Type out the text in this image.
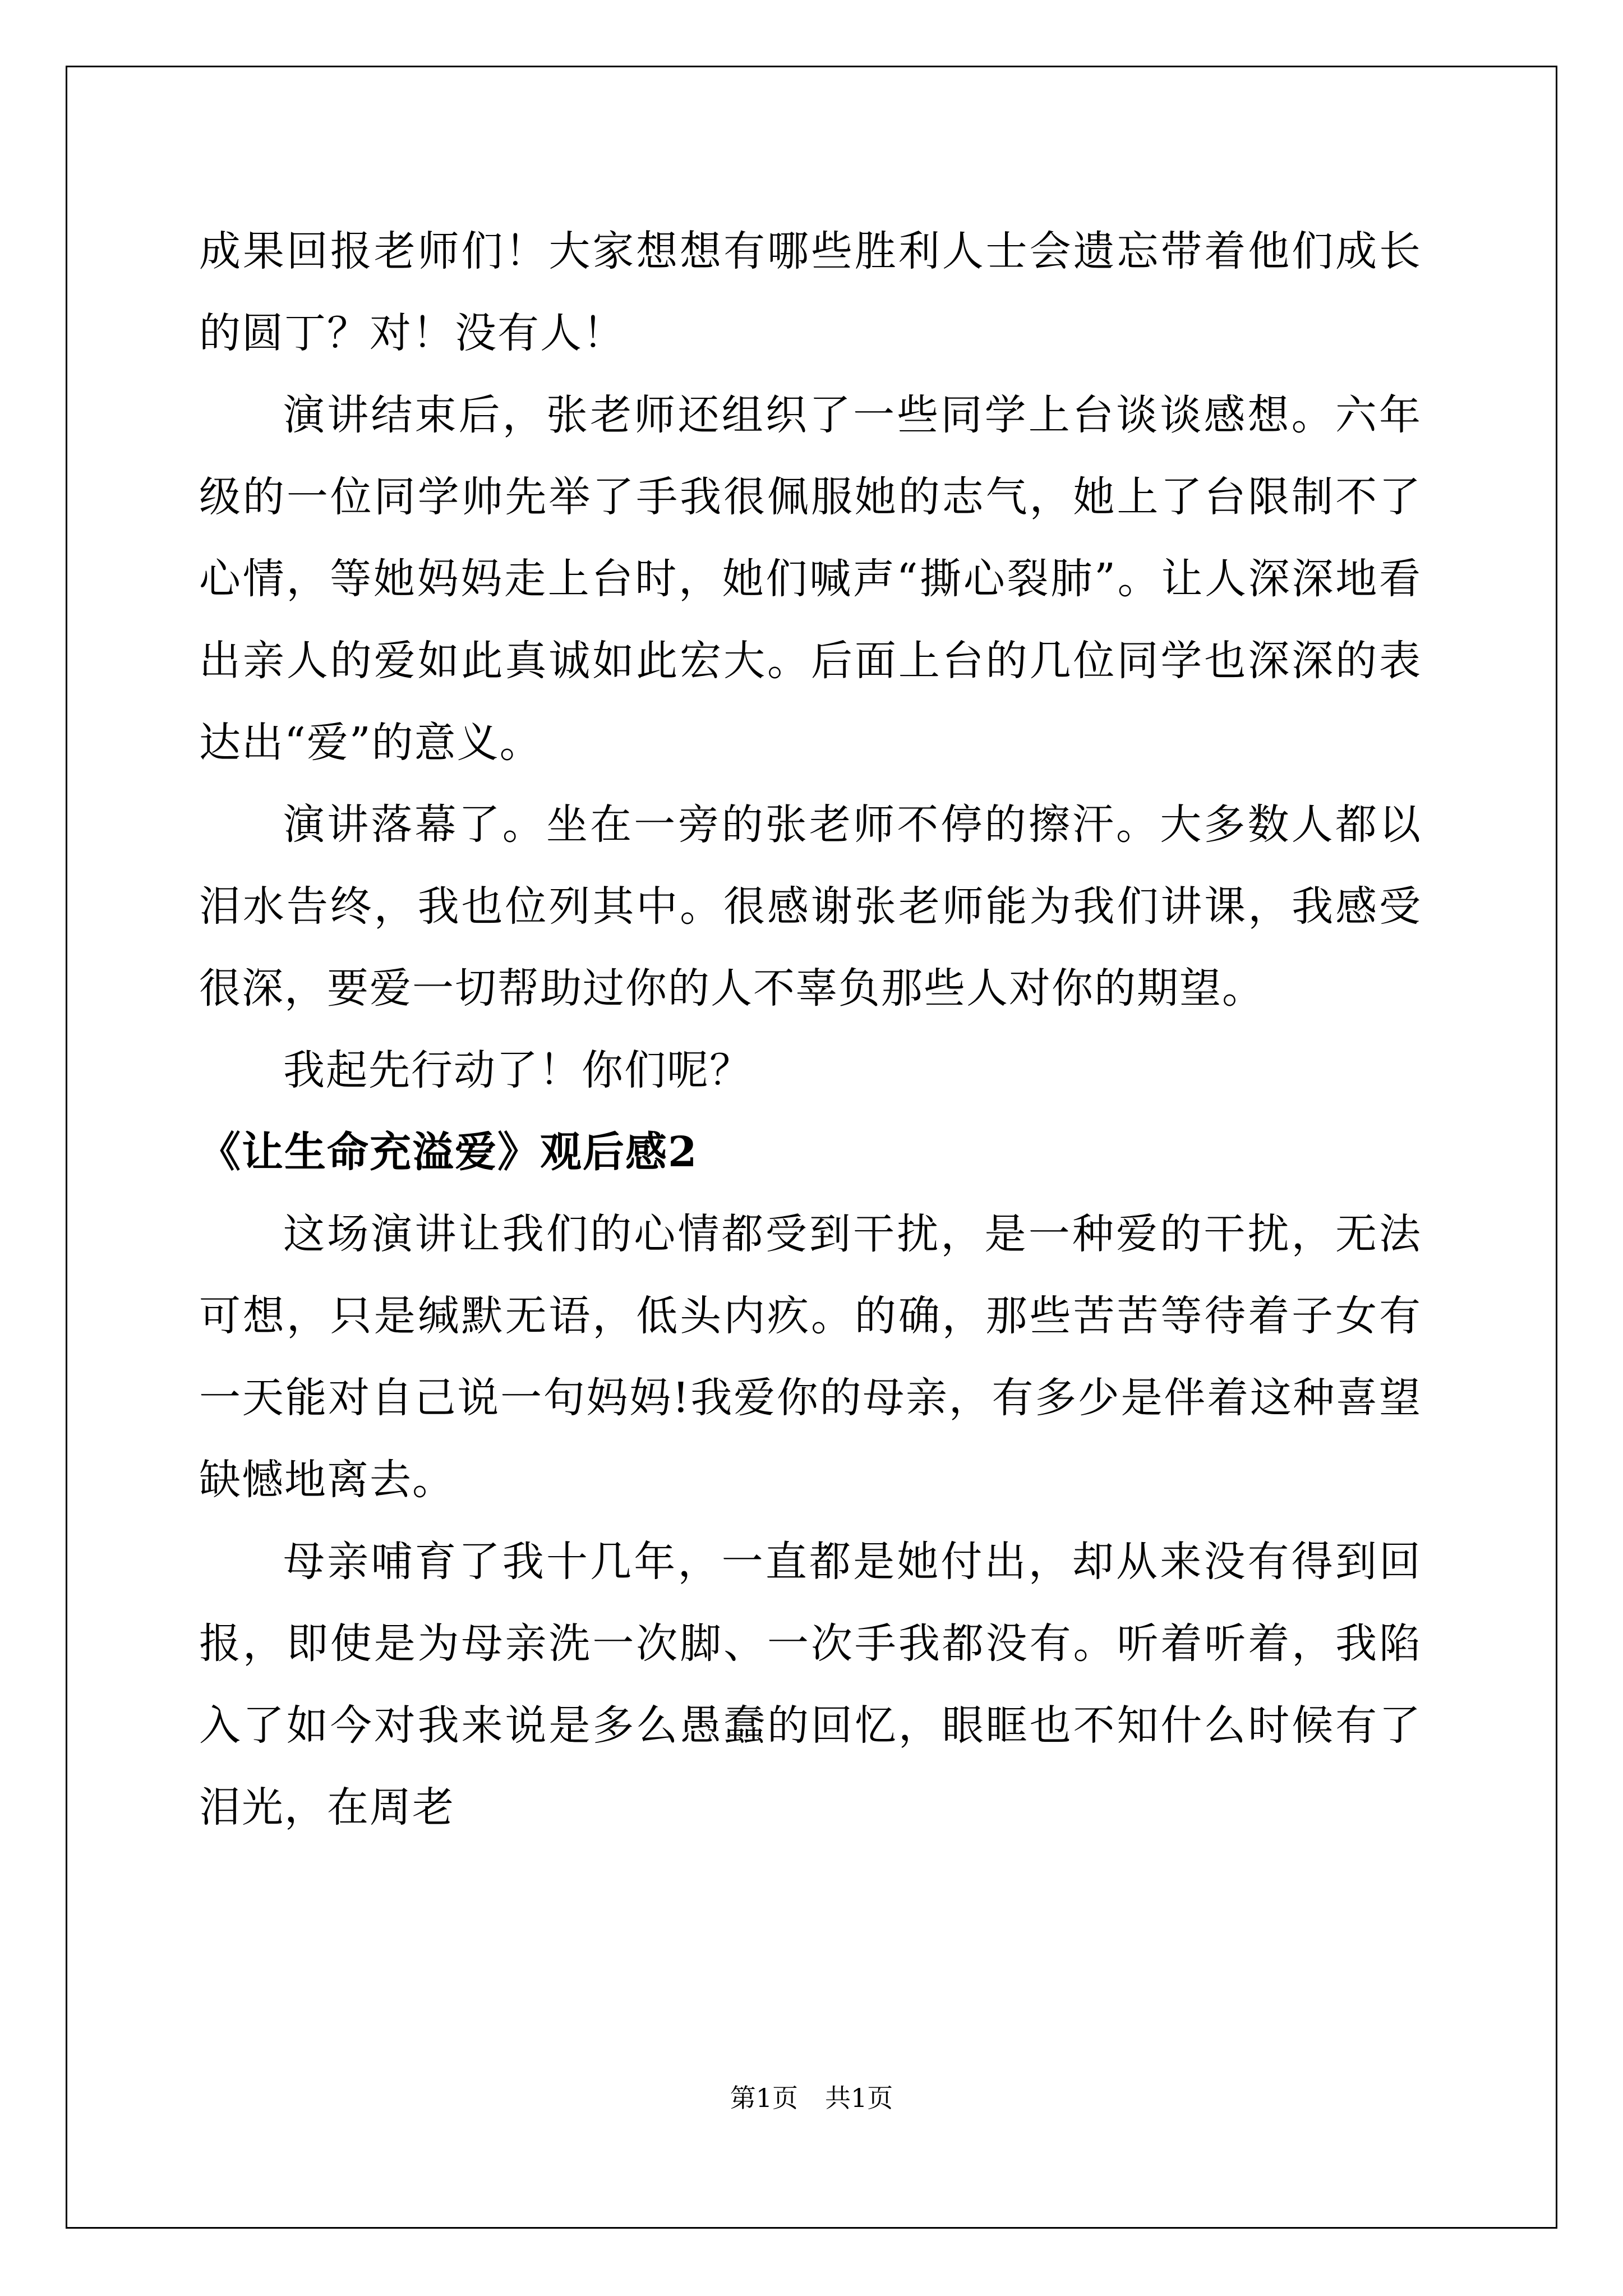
成果回报老师们！大家想想有哪些胜利人士会遗忘带着他们成长的圆丁？对！没有人！

演讲结束后，张老师还组织了一些同学上台谈谈感想。六年级的一位同学帅先举了手我很佩服她的志气，她上了台限制不了心情，等她妈妈走上台时，她们喊声“撕心裂肺”。让人深深地看出亲人的爱如此真诚如此宏大。后面上台的几位同学也深深的表达出“爱”的意义。

演讲落幕了。坐在一旁的张老师不停的擦汗。大多数人都以泪水告终，我也位列其中。很感谢张老师能为我们讲课，我感受很深，要爱一切帮助过你的人不辜负那些人对你的期望。

我起先行动了！你们呢？

《让生命充溢爱》观后感2

这场演讲让我们的心情都受到干扰，是一种爱的干扰，无法可想，只是缄默无语，低头内疚。的确，那些苦苦等待着子女有一天能对自己说一句妈妈!我爱你的母亲，有多少是伴着这种喜望缺憾地离去。

母亲哺育了我十几年，一直都是她付出，却从来没有得到回报，即使是为母亲洗一次脚、一次手我都没有。听着听着，我陷入了如今对我来说是多么愚蠢的回忆，眼眶也不知什么时候有了泪光，在周老

第1页 共1页
